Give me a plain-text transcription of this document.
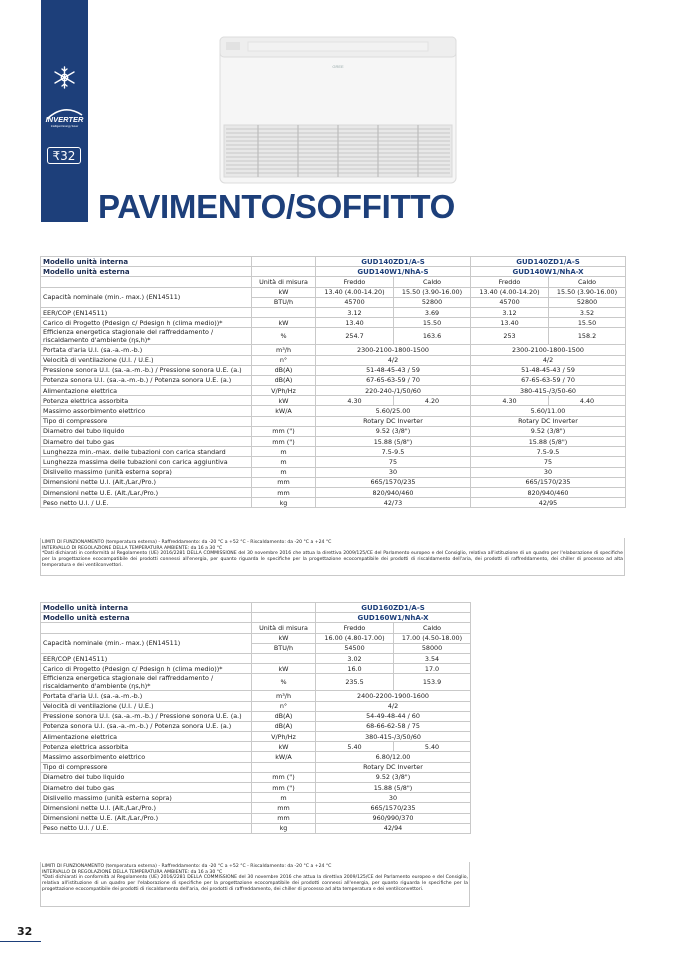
INVERTER
Intelligent Energy Saver
₹32
GREE
PAVIMENTO/SOFFITTO
Modello unità interna		GUD140ZD1/A-S		GUD140ZD1/A-S	
Modello unità esterna		GUD140W1/NhA-S		GUD140W1/NhA-X	
	Unità di misura	Freddo	Caldo	Freddo	Caldo
Capacità nominale (min.- max.) (EN14511)	kW	13.40 (4.00-14.20)	15.50 (3.90-16.00)	13.40 (4.00-14.20)	15.50 (3.90-16.00)
	BTU/h	45700	52800	45700	52800
EER/COP (EN14511)		3.12	3.69	3.12	3.52
Carico di Progetto (Pdesign c/ Pdesign h (clima medio))*	kW	13.40	15.50	13.40	15.50
Efficienza energetica stagionale del raffreddamento / riscaldamento d'ambiente (ηs,h)*	%	254.7	163.6	253	158.2
Portata d'aria U.I. (sa.-a.-m.-b.)	m³/h	2300-2100-1800-1500		2300-2100-1800-1500	
Velocità di ventilazione (U.I. / U.E.)	n°	4/2		4/2	
Pressione sonora U.I. (sa.-a.-m.-b.) / Pressione sonora U.E. (a.)	dB(A)	51-48-45-43 / 59		51-48-45-43 / 59	
Potenza sonora U.I. (sa.-a.-m.-b.) / Potenza sonora U.E. (a.)	dB(A)	67-65-63-59 / 70		67-65-63-59 / 70	
Alimentazione elettrica	V/Ph/Hz	220-240-/1/50/60		380-415-/3/50-60	
Potenza elettrica assorbita	kW	4.30	4.20	4.30	4.40
Massimo assorbimento elettrico	kW/A	5.60/25.00		5.60/11.00	
Tipo di compressore		Rotary DC Inverter		Rotary DC Inverter	
Diametro del tubo liquido	mm (")	9.52 (3/8")		9.52 (3/8")	
Diametro del tubo gas	mm (")	15.88 (5/8")		15.88 (5/8")	
Lunghezza min.-max. delle tubazioni con carica standard	m	7.5-9.5		7.5-9.5	
Lunghezza massima delle tubazioni con carica aggiuntiva	m	75		75	
Dislivello massimo (unità esterna sopra)	m	30		30	
Dimensioni nette U.I. (Alt./Lar./Pro.)	mm	665/1570/235		665/1570/235	
Dimensioni nette U.E. (Alt./Lar./Pro.)	mm	820/940/460		820/940/460	
Peso netto U.I. / U.E.	kg	42/73		42/95	
LIMITI DI FUNZIONAMENTO (temperatura esterna) - Raffreddamento: da -20 °C a +52 °C - Riscaldamento: da -20 °C a +24 °C
INTERVALLO DI REGOLAZIONE DELLA TEMPERATURA AMBIENTE: da 16 a 30 °C
*Dati dichiarati in conformità al Regolamento (UE) 2016/2281 DELLA COMMISSIONE del 30 novembre 2016 che attua la direttiva 2009/125/CE del Parlamento europeo e del Consiglio, relativa all'istituzione di un quadro per l'elaborazione di specifiche per la progettazione ecocompatibile dei prodotti connessi all'energia, per quanto riguarda le specifiche per la progettazione ecocompatibile dei prodotti di riscaldamento dell'aria, dei prodotti di raffreddamento, dei chiller di processo ad alta temperatura e dei ventilconvettori.
Modello unità interna		GUD160ZD1/A-S	
Modello unità esterna		GUD160W1/NhA-X	
	Unità di misura	Freddo	Caldo
Capacità nominale (min.- max.) (EN14511)	kW	16.00 (4.80-17.00)	17.00 (4.50-18.00)
	BTU/h	54500	58000
EER/COP (EN14511)		3.02	3.54
Carico di Progetto (Pdesign c/ Pdesign h (clima medio))*	kW	16.0	17.0
Efficienza energetica stagionale del raffreddamento / riscaldamento d'ambiente (ηs,h)*	%	235.5	153.9
Portata d'aria U.I. (sa.-a.-m.-b.)	m³/h	2400-2200-1900-1600	
Velocità di ventilazione (U.I. / U.E.)	n°	4/2	
Pressione sonora U.I. (sa.-a.-m.-b.) / Pressione sonora U.E. (a.)	dB(A)	54-49-48-44 / 60	
Potenza sonora U.I. (sa.-a.-m.-b.) / Potenza sonora U.E. (a.)	dB(A)	68-66-62-58 / 75	
Alimentazione elettrica	V/Ph/Hz	380-415-/3/50/60	
Potenza elettrica assorbita	kW	5.40	5.40
Massimo assorbimento elettrico	kW/A	6.80/12.00	
Tipo di compressore		Rotary DC Inverter	
Diametro del tubo liquido	mm (")	9.52 (3/8")	
Diametro del tubo gas	mm (")	15.88 (5/8")	
Dislivello massimo (unità esterna sopra)	m	30	
Dimensioni nette U.I. (Alt./Lar./Pro.)	mm	665/1570/235	
Dimensioni nette U.E. (Alt./Lar./Pro.)	mm	960/990/370	
Peso netto U.I. / U.E.	kg	42/94	
LIMITI DI FUNZIONAMENTO (temperatura esterna) - Raffreddamento: da -20 °C a +52 °C - Riscaldamento: da -20 °C a +24 °C
INTERVALLO DI REGOLAZIONE DELLA TEMPERATURA AMBIENTE: da 16 a 30 °C
*Dati dichiarati in conformità al Regolamento (UE) 2016/2281 DELLA COMMISSIONE del 30 novembre 2016 che attua la direttiva 2009/125/CE del Parlamento europeo e del Consiglio, relativa all'istituzione di un quadro per l'elaborazione di specifiche per la progettazione ecocompatibile dei prodotti connessi all'energia, per quanto riguarda le specifiche per la progettazione ecocompatibile dei prodotti di riscaldamento dell'aria, dei prodotti di raffreddamento, dei chiller di processo ad alta temperatura e dei ventilconvettori.
32
